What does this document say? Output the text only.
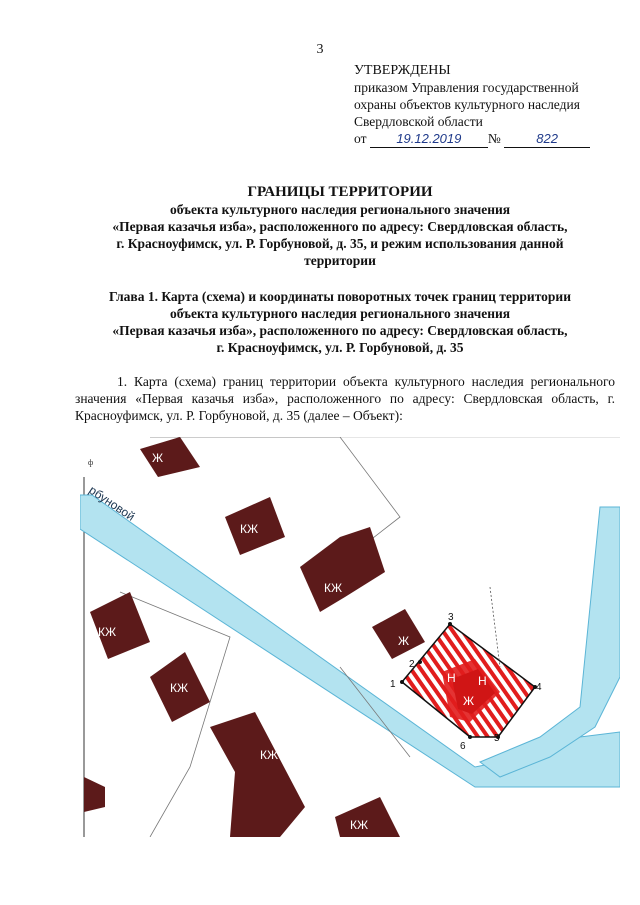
3
УТВЕРЖДЕНЫ
приказом Управления государственной
охраны объектов культурного наследия
Свердловской области
от 19.12.2019 №	822
ГРАНИЦЫ ТЕРРИТОРИИ
объекта культурного наследия регионального значения
«Первая казачья изба», расположенного по адресу: Свердловская область,
г. Красноуфимск, ул. Р. Горбуновой, д. 35, и режим использования данной
территории
Глава 1. Карта (схема) и координаты поворотных точек границ территории
объекта культурного наследия регионального значения
«Первая казачья изба», расположенного по адресу: Свердловская область,
г. Красноуфимск, ул. Р. Горбуновой, д. 35
1. Карта (схема) границ территории объекта культурного наследия регионального значения «Первая казачья изба», расположенного по адресу: Свердловская область, г. Красноуфимск, ул. Р. Горбуновой, д. 35 (далее – Объект):
рбуновой
ф	Ж
КЖ
КЖ
Ж
КЖ
КЖ
КЖ
КЖ
Н Н
Ж
1
2
3
4
5
6
